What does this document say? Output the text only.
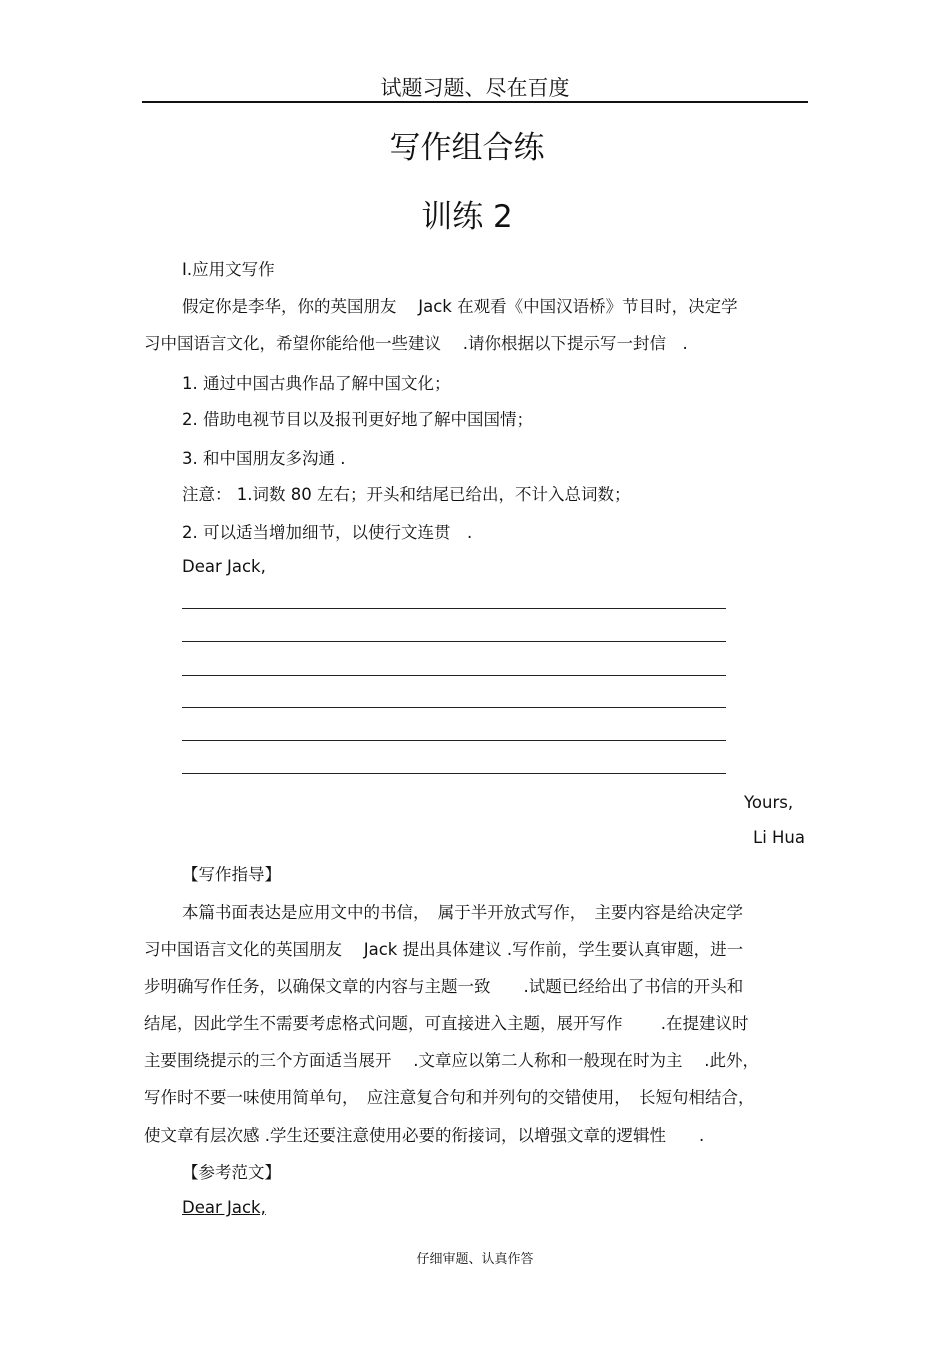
试题习题、尽在百度
写作组合练
训练 2
Ⅰ.应用文写作
假定你是李华，你的英国朋友　 Jack 在观看《中国汉语桥》节目时，决定学
习中国语言文化，希望你能给他一些建议　 .请你根据以下提示写一封信　.
1. 通过中国古典作品了解中国文化；
2. 借助电视节目以及报刊更好地了解中国国情；
3. 和中国朋友多沟通 .
注意： 1.词数 80 左右；开头和结尾已给出，不计入总词数；
2. 可以适当增加细节，以使行文连贯　.
Dear Jack,
Yours,
Li Hua
【写作指导】
本篇书面表达是应用文中的书信，　属于半开放式写作，　主要内容是给决定学
习中国语言文化的英国朋友　 Jack 提出具体建议 .写作前，学生要认真审题，进一
步明确写作任务，以确保文章的内容与主题一致　　.试题已经给出了书信的开头和
结尾，因此学生不需要考虑格式问题，可直接进入主题，展开写作　　 .在提建议时
主要围绕提示的三个方面适当展开　 .文章应以第二人称和一般现在时为主　 .此外，
写作时不要一味使用简单句，　应注意复合句和并列句的交错使用，　长短句相结合，
使文章有层次感 .学生还要注意使用必要的衔接词，以增强文章的逻辑性　　.
【参考范文】
Dear Jack,
仔细审题、认真作答
